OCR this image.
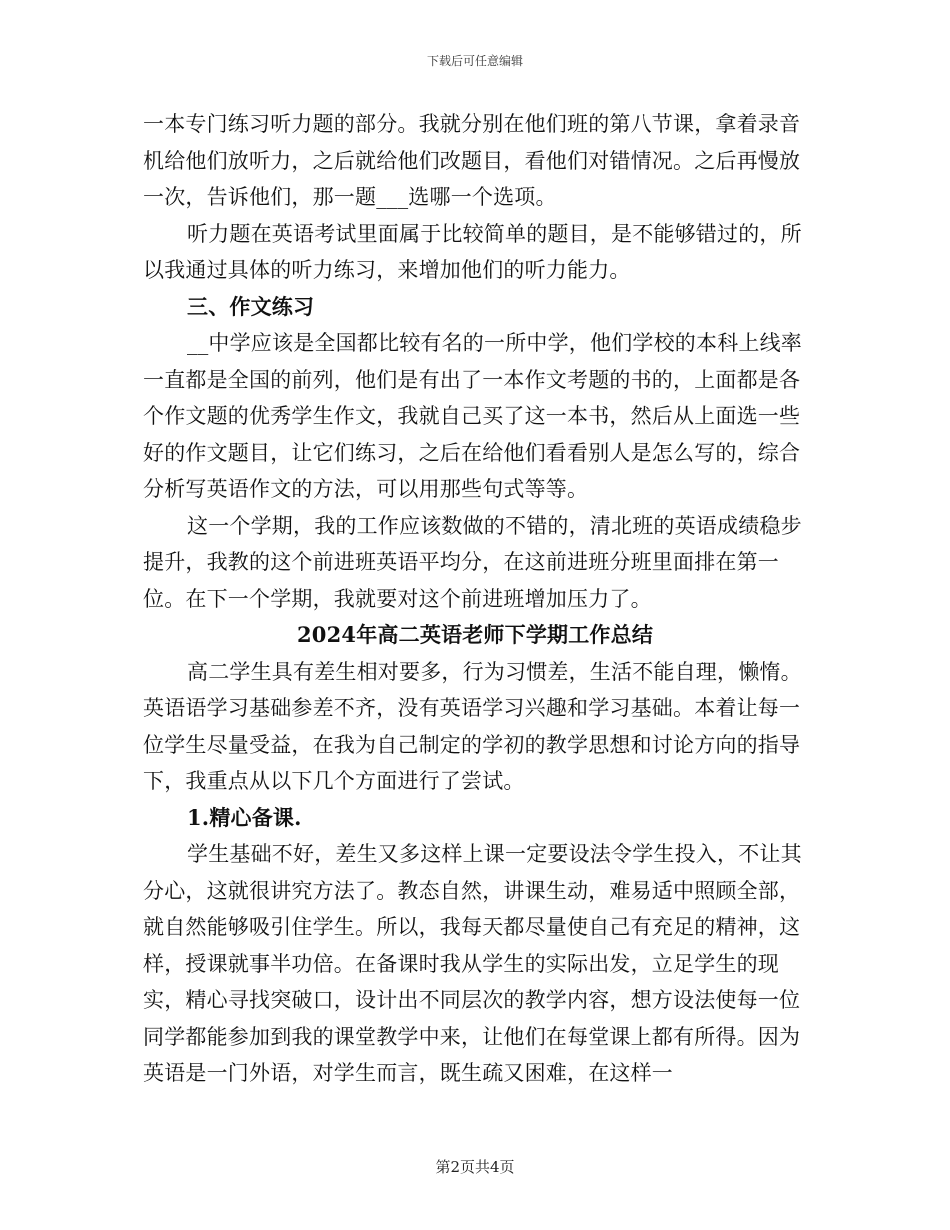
下载后可任意编辑

一本专门练习听力题的部分。我就分别在他们班的第八节课，拿着录音机给他们放听力，之后就给他们改题目，看他们对错情况。之后再慢放一次，告诉他们，那一题___选哪一个选项。

听力题在英语考试里面属于比较简单的题目，是不能够错过的，所以我通过具体的听力练习，来增加他们的听力能力。

三、作文练习

__中学应该是全国都比较有名的一所中学，他们学校的本科上线率一直都是全国的前列，他们是有出了一本作文考题的书的，上面都是各个作文题的优秀学生作文，我就自己买了这一本书，然后从上面选一些好的作文题目，让它们练习，之后在给他们看看别人是怎么写的，综合分析写英语作文的方法，可以用那些句式等等。

这一个学期，我的工作应该数做的不错的，清北班的英语成绩稳步提升，我教的这个前进班英语平均分，在这前进班分班里面排在第一位。在下一个学期，我就要对这个前进班增加压力了。

2024年高二英语老师下学期工作总结

高二学生具有差生相对要多，行为习惯差，生活不能自理，懒惰。英语语学习基础参差不齐，没有英语学习兴趣和学习基础。本着让每一位学生尽量受益，在我为自己制定的学初的教学思想和讨论方向的指导下，我重点从以下几个方面进行了尝试。

1.精心备课.

学生基础不好，差生又多这样上课一定要设法令学生投入，不让其分心，这就很讲究方法了。教态自然，讲课生动，难易适中照顾全部，就自然能够吸引住学生。所以，我每天都尽量使自己有充足的精神，这样，授课就事半功倍。在备课时我从学生的实际出发，立足学生的现实，精心寻找突破口，设计出不同层次的教学内容，想方设法使每一位同学都能参加到我的课堂教学中来，让他们在每堂课上都有所得。因为英语是一门外语，对学生而言，既生疏又困难，在这样一

第2页共4页
